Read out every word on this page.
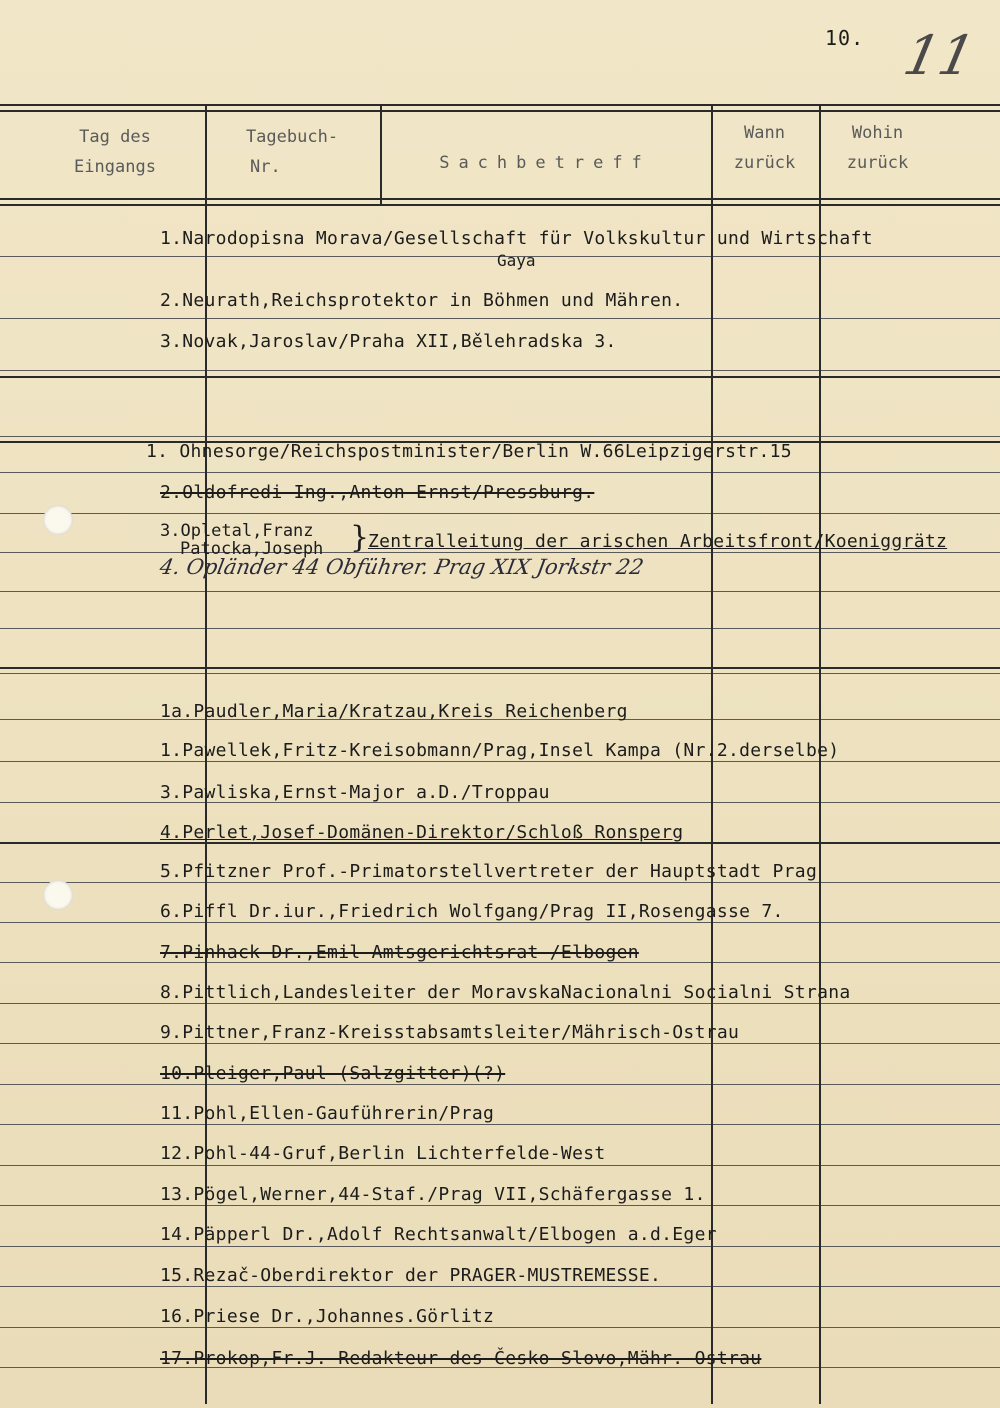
10. 11
Tag des
Eingangs
Tagebuch-
Nr.	Sachbetreff
Wann
zurück
Wohin
zurück
1.Narodopisna Morava/Gesellschaft für Volkskultur und Wirtschaft
Gaya
2.Neurath,Reichsprotektor in Böhmen und Mähren.
3.Novak,Jaroslav/Praha XII,Bělehradska 3.
1. Ohnesorge/Reichspostminister/Berlin W.66Leipzigerstr.15
2.Oldofredi Ing.,Anton Ernst/Pressburg.
3.Opletal,Franz
Patocka,Joseph }
Zentralleitung der arischen Arbeitsfront/Koeniggrätz
4. Opländer 44 Obführer. Prag XIX Jorkstr 22
1a.Paudler,Maria/Kratzau,Kreis Reichenberg
1.Pawellek,Fritz-Kreisobmann/Prag,Insel Kampa (Nr.2.derselbe)
3.Pawliska,Ernst-Major a.D./Troppau
4.Perlet,Josef-Domänen-Direktor/Schloß Ronsperg
5.Pfitzner Prof.-Primatorstellvertreter der Hauptstadt Prag
6.Piffl Dr.iur.,Friedrich Wolfgang/Prag II,Rosengasse 7.
7.Pinhack Dr.,Emil-Amtsgerichtsrat /Elbogen
8.Pittlich,Landesleiter der MoravskaNacionalni Socialni Strana
9.Pittner,Franz-Kreisstabsamtsleiter/Mährisch-Ostrau
10.Pleiger,Paul (Salzgitter)(?)
11.Pohl,Ellen-Gauführerin/Prag
12.Pohl-44-Gruf,Berlin Lichterfelde-West
13.Pögel,Werner,44-Staf./Prag VII,Schäfergasse 1.
14.Päpperl Dr.,Adolf Rechtsanwalt/Elbogen a.d.Eger
15.Rezač-Oberdirektor der PRAGER-MUSTREMESSE.
16.Priese Dr.,Johannes.Görlitz
17.Prokop,Fr.J. Redakteur des Česko Slovo,Mähr.-Ostrau
